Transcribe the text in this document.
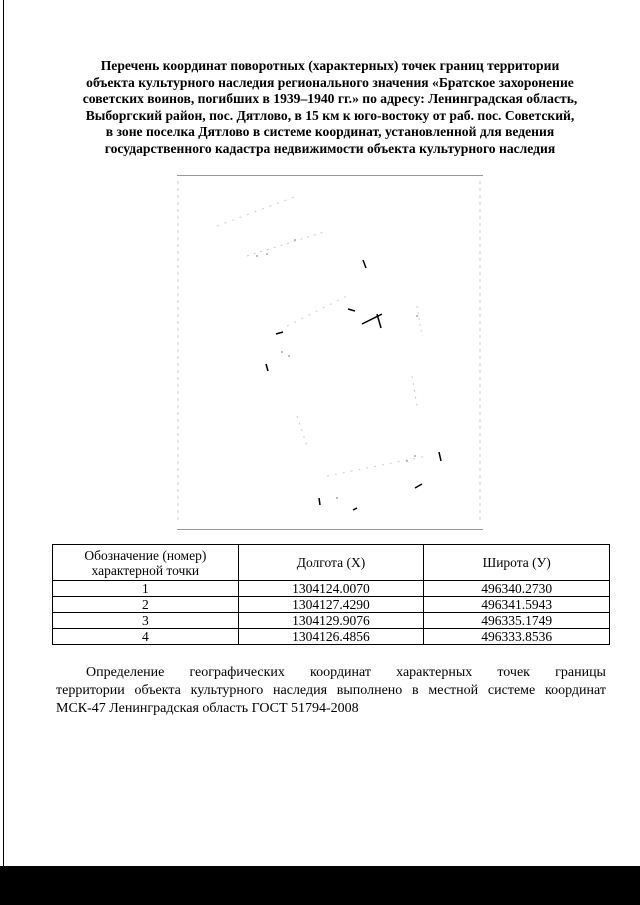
Перечень координат поворотных (характерных) точек границ территории
объекта культурного наследия регионального значения «Братское захоронение
советских воинов, погибших в 1939–1940 гг.» по адресу: Ленинградская область,
Выборгский район, пос. Дятлово, в 15 км к юго-востоку от раб. пос. Советский,
в зоне поселка Дятлово в системе координат, установленной для ведения
государственного кадастра недвижимости объекта культурного наследия
Обозначение (номер) характерной точки	Долгота (X)	Широта (У)
1	1304124.0070	496340.2730
2	1304127.4290	496341.5943
3	1304129.9076	496335.1749
4	1304126.4856	496333.8536
Определение географических координат характерных точек границы
территории объекта культурного наследия выполнено в местной системе координат
МСК-47 Ленинградская область ГОСТ 51794-2008
